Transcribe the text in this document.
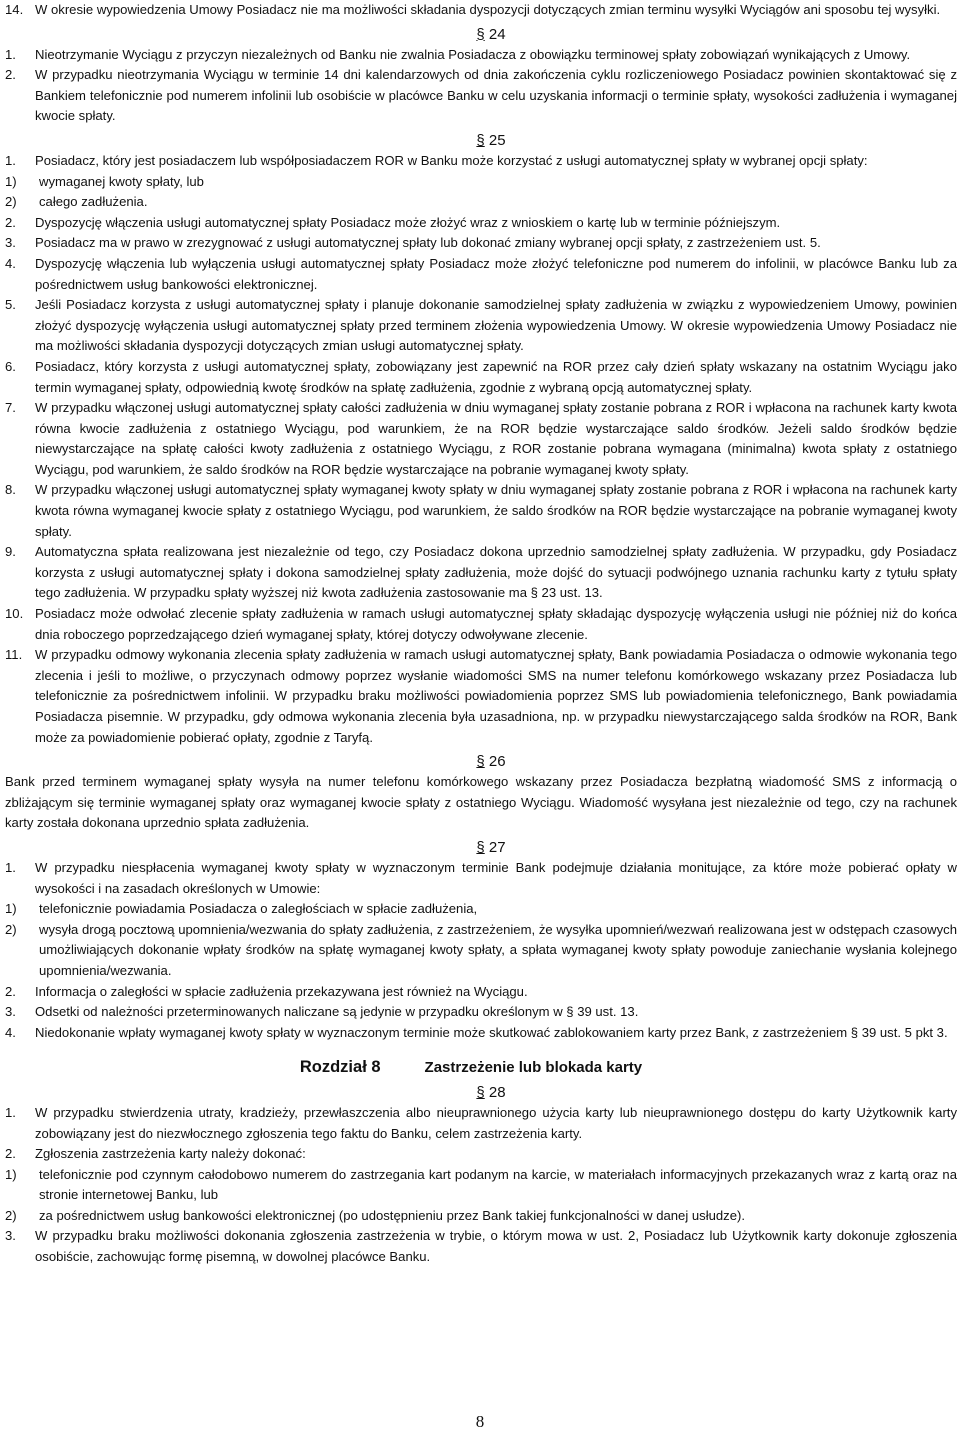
14. W okresie wypowiedzenia Umowy Posiadacz nie ma możliwości składania dyspozycji dotyczących zmian terminu wysyłki Wyciągów ani sposobu tej wysyłki.
§ 24
1. Nieotrzymanie Wyciągu z przyczyn niezależnych od Banku nie zwalnia Posiadacza z obowiązku terminowej spłaty zobowiązań wynikających z Umowy.
2. W przypadku nieotrzymania Wyciągu w terminie 14 dni kalendarzowych od dnia zakończenia cyklu rozliczeniowego Posiadacz powinien skontaktować się z Bankiem telefonicznie pod numerem infolinii lub osobiście w placówce Banku w celu uzyskania informacji o terminie spłaty, wysokości zadłużenia i wymaganej kwocie spłaty.
§ 25
1. Posiadacz, który jest posiadaczem lub współposiadaczem ROR w Banku może korzystać z usługi automatycznej spłaty w wybranej opcji spłaty:
1) wymaganej kwoty spłaty, lub
2) całego zadłużenia.
2. Dyspozycję włączenia usługi automatycznej spłaty Posiadacz może złożyć wraz z wnioskiem o kartę lub w terminie późniejszym.
3. Posiadacz ma w prawo w zrezygnować z usługi automatycznej spłaty lub dokonać zmiany wybranej opcji spłaty, z zastrzeżeniem ust. 5.
4. Dyspozycję włączenia lub wyłączenia usługi automatycznej spłaty Posiadacz może złożyć telefoniczne pod numerem do infolinii, w placówce Banku lub za pośrednictwem usług bankowości elektronicznej.
5. Jeśli Posiadacz korzysta z usługi automatycznej spłaty i planuje dokonanie samodzielnej spłaty zadłużenia w związku z wypowiedzeniem Umowy, powinien złożyć dyspozycję wyłączenia usługi automatycznej spłaty przed terminem złożenia wypowiedzenia Umowy. W okresie wypowiedzenia Umowy Posiadacz nie ma możliwości składania dyspozycji dotyczących zmian usługi automatycznej spłaty.
6. Posiadacz, który korzysta z usługi automatycznej spłaty, zobowiązany jest zapewnić na ROR przez cały dzień spłaty wskazany na ostatnim Wyciągu jako termin wymaganej spłaty, odpowiednią kwotę środków na spłatę zadłużenia, zgodnie z wybraną opcją automatycznej spłaty.
7. W przypadku włączonej usługi automatycznej spłaty całości zadłużenia w dniu wymaganej spłaty zostanie pobrana z ROR i wpłacona na rachunek karty kwota równa kwocie zadłużenia z ostatniego Wyciągu, pod warunkiem, że na ROR będzie wystarczające saldo środków. Jeżeli saldo środków będzie niewystarczające na spłatę całości kwoty zadłużenia z ostatniego Wyciągu, z ROR zostanie pobrana wymagana (minimalna) kwota spłaty z ostatniego Wyciągu, pod warunkiem, że saldo środków na ROR będzie wystarczające na pobranie wymaganej kwoty spłaty.
8. W przypadku włączonej usługi automatycznej spłaty wymaganej kwoty spłaty w dniu wymaganej spłaty zostanie pobrana z ROR i wpłacona na rachunek karty kwota równa wymaganej kwocie spłaty z ostatniego Wyciągu, pod warunkiem, że saldo środków na ROR będzie wystarczające na pobranie wymaganej kwoty spłaty.
9. Automatyczna spłata realizowana jest niezależnie od tego, czy Posiadacz dokona uprzednio samodzielnej spłaty zadłużenia. W przypadku, gdy Posiadacz korzysta z usługi automatycznej spłaty i dokona samodzielnej spłaty zadłużenia, może dojść do sytuacji podwójnego uznania rachunku karty z tytułu spłaty tego zadłużenia. W przypadku spłaty wyższej niż kwota zadłużenia zastosowanie ma § 23 ust. 13.
10. Posiadacz może odwołać zlecenie spłaty zadłużenia w ramach usługi automatycznej spłaty składając dyspozycję wyłączenia usługi nie później niż do końca dnia roboczego poprzedzającego dzień wymaganej spłaty, której dotyczy odwoływane zlecenie.
11. W przypadku odmowy wykonania zlecenia spłaty zadłużenia w ramach usługi automatycznej spłaty, Bank powiadamia Posiadacza o odmowie wykonania tego zlecenia i jeśli to możliwe, o przyczynach odmowy poprzez wysłanie wiadomości SMS na numer telefonu komórkowego wskazany przez Posiadacza lub telefonicznie za pośrednictwem infolinii. W przypadku braku możliwości powiadomienia poprzez SMS lub powiadomienia telefonicznego, Bank powiadamia Posiadacza pisemnie. W przypadku, gdy odmowa wykonania zlecenia była uzasadniona, np. w przypadku niewystarczającego salda środków na ROR, Bank może za powiadomienie pobierać opłaty, zgodnie z Taryfą.
§ 26
Bank przed terminem wymaganej spłaty wysyła na numer telefonu komórkowego wskazany przez Posiadacza bezpłatną wiadomość SMS z informacją o zbliżającym się terminie wymaganej spłaty oraz wymaganej kwocie spłaty z ostatniego Wyciągu. Wiadomość wysyłana jest niezależnie od tego, czy na rachunek karty została dokonana uprzednio spłata zadłużenia.
§ 27
1. W przypadku niespłacenia wymaganej kwoty spłaty w wyznaczonym terminie Bank podejmuje działania monitujące, za które może pobierać opłaty w wysokości i na zasadach określonych w Umowie:
1) telefonicznie powiadamia Posiadacza o zaległościach w spłacie zadłużenia,
2) wysyła drogą pocztową upomnienia/wezwania do spłaty zadłużenia, z zastrzeżeniem, że wysyłka upomnień/wezwań realizowana jest w odstępach czasowych umożliwiających dokonanie wpłaty środków na spłatę wymaganej kwoty spłaty, a spłata wymaganej kwoty spłaty powoduje zaniechanie wysłania kolejnego upomnienia/wezwania.
2. Informacja o zaległości w spłacie zadłużenia przekazywana jest również na Wyciągu.
3. Odsetki od należności przeterminowanych naliczane są jedynie w przypadku określonym w § 39 ust. 13.
4. Niedokonanie wpłaty wymaganej kwoty spłaty w wyznaczonym terminie może skutkować zablokowaniem karty przez Bank, z zastrzeżeniem § 39 ust. 5 pkt 3.
Rozdział 8	Zastrzeżenie lub blokada karty
§ 28
1. W przypadku stwierdzenia utraty, kradzieży, przewłaszczenia albo nieuprawnionego użycia karty lub nieuprawnionego dostępu do karty Użytkownik karty zobowiązany jest do niezwłocznego zgłoszenia tego faktu do Banku, celem zastrzeżenia karty.
2. Zgłoszenia zastrzeżenia karty należy dokonać:
1) telefonicznie pod czynnym całodobowo numerem do zastrzegania kart podanym na karcie, w materiałach informacyjnych przekazanych wraz z kartą oraz na stronie internetowej Banku, lub
2) za pośrednictwem usług bankowości elektronicznej (po udostępnieniu przez Bank takiej funkcjonalności w danej usłudze).
3. W przypadku braku możliwości dokonania zgłoszenia zastrzeżenia w trybie, o którym mowa w ust. 2, Posiadacz lub Użytkownik karty dokonuje zgłoszenia osobiście, zachowując formę pisemną, w dowolnej placówce Banku.
8
